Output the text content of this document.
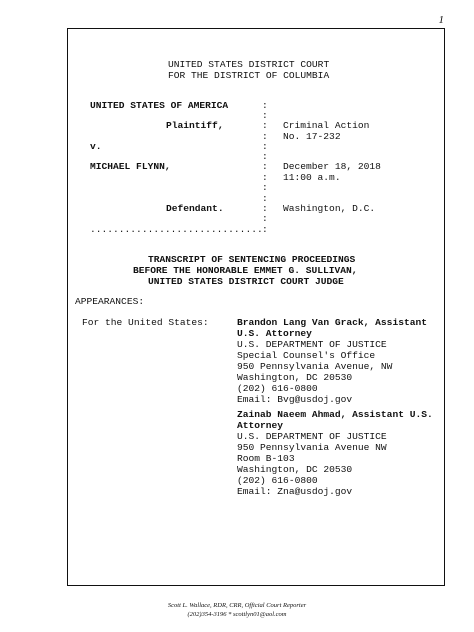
1
UNITED STATES DISTRICT COURT
FOR THE DISTRICT OF COLUMBIA
UNITED STATES OF AMERICA
Plaintiff,
v.
MICHAEL FLYNN,
Defendant.
..............................
:
:
:
:
:
:
:
:
:
:
:
:
:
Criminal Action
No. 17-232
December 18, 2018
11:00 a.m.
Washington, D.C.
TRANSCRIPT OF SENTENCING PROCEEDINGS
BEFORE THE HONORABLE EMMET G. SULLIVAN,
UNITED STATES DISTRICT COURT JUDGE
APPEARANCES:
For the United States:	Brandon Lang Van Grack, Assistant
U.S. Attorney
U.S. DEPARTMENT OF JUSTICE
Special Counsel's Office
950 Pennsylvania Avenue, NW
Washington, DC 20530
(202) 616-0800
Email: Bvg@usdoj.gov
Zainab Naeem Ahmad, Assistant U.S.
Attorney
U.S. DEPARTMENT OF JUSTICE
950 Pennsylvania Avenue NW
Room B-103
Washington, DC 20530
(202) 616-0800
Email: Zna@usdoj.gov
Scott L. Wallace, RDR, CRR, Official Court Reporter
(202)354-3196 * scottlyn01@aol.com
